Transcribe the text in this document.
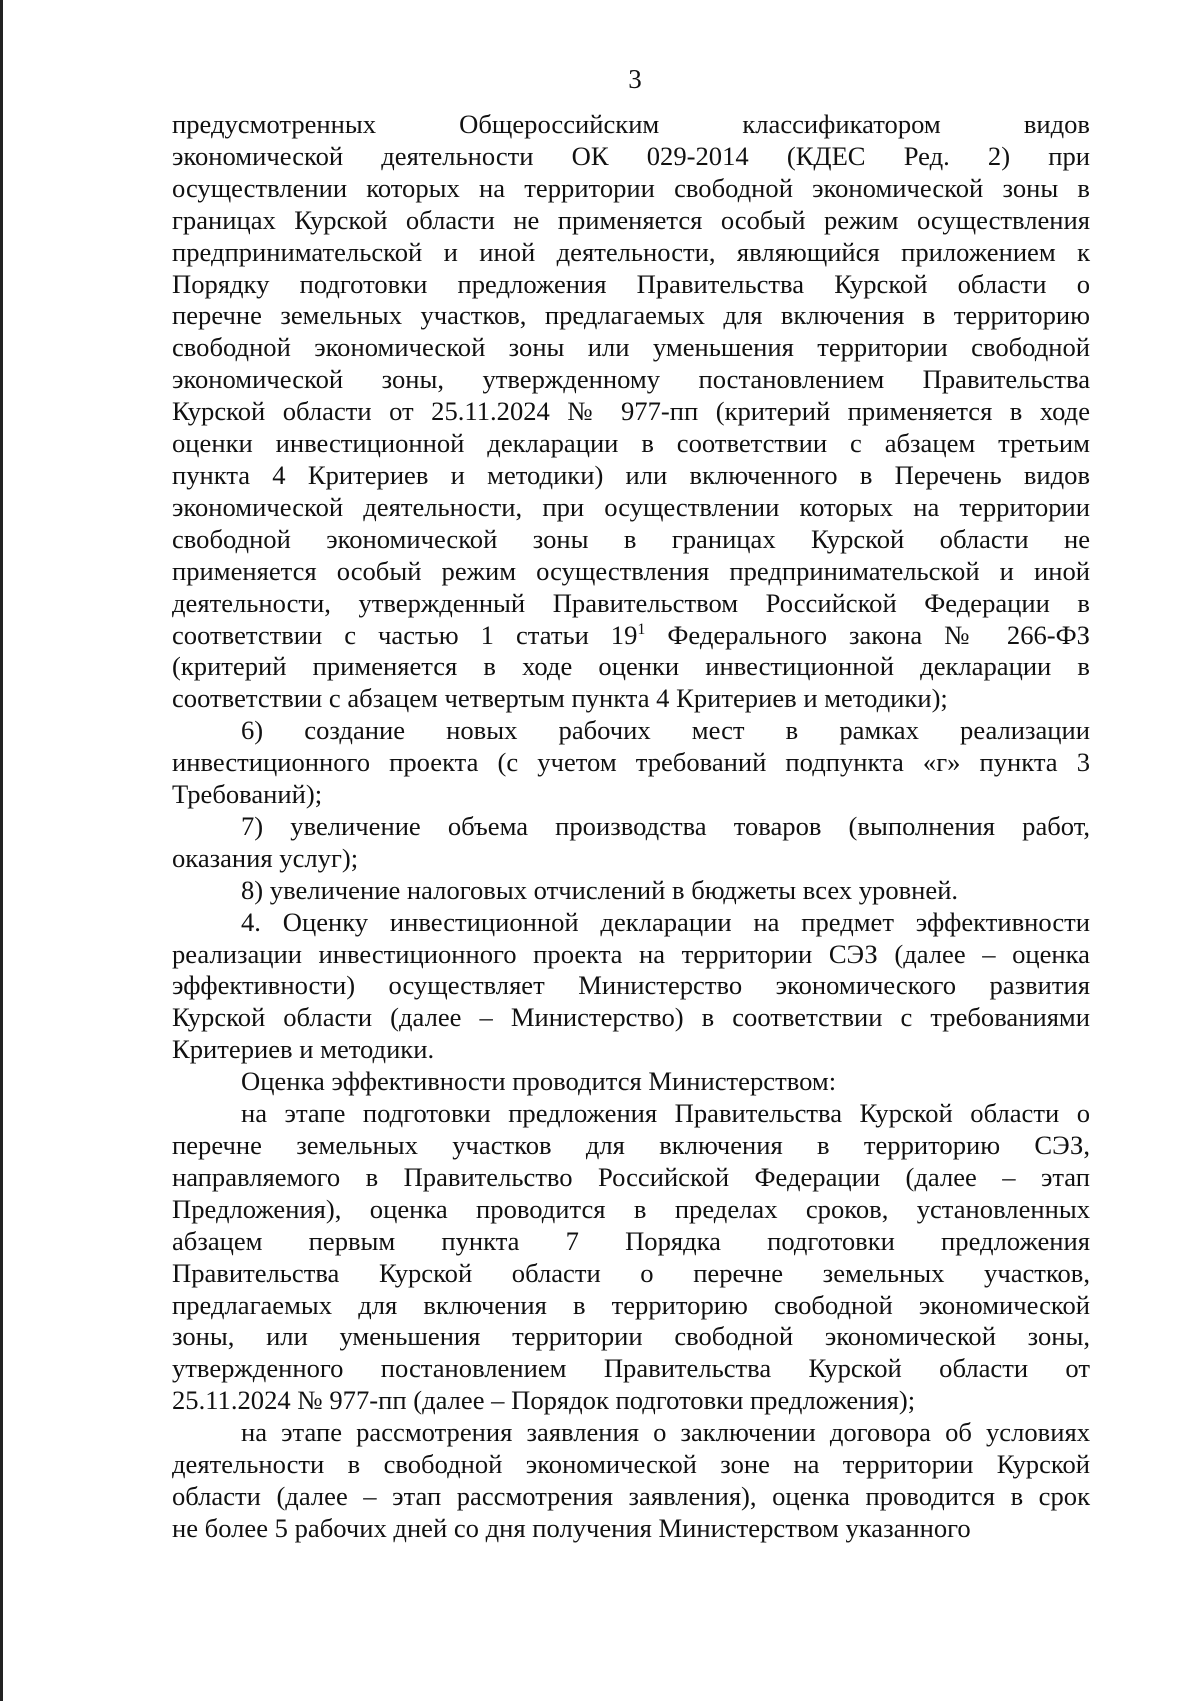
3

предусмотренных Общероссийским классификатором видов
экономической деятельности ОК 029-2014 (КДЕС Ред. 2) при
осуществлении которых на территории свободной экономической зоны в
границах Курской области не применяется особый режим осуществления
предпринимательской и иной деятельности, являющийся приложением к
Порядку подготовки предложения Правительства Курской области о
перечне земельных участков, предлагаемых для включения в территорию
свободной экономической зоны или уменьшения территории свободной
экономической зоны, утвержденному постановлением Правительства
Курской области от 25.11.2024 № 977-пп (критерий применяется в ходе
оценки инвестиционной декларации в соответствии с абзацем третьим
пункта 4 Критериев и методики) или включенного в Перечень видов
экономической деятельности, при осуществлении которых на территории
свободной экономической зоны в границах Курской области не
применяется особый режим осуществления предпринимательской и иной
деятельности, утвержденный Правительством Российской Федерации в
соответствии с частью 1 статьи $19^1$ Федерального закона № 266-ФЗ
(критерий применяется в ходе оценки инвестиционной декларации в
соответствии с абзацем четвертым пункта 4 Критериев и методики);

6) создание новых рабочих мест в рамках реализации
инвестиционного проекта (с учетом требований подпункта «г» пункта 3
Требований);

7) увеличение объема производства товаров (выполнения работ,
оказания услуг);

8) увеличение налоговых отчислений в бюджеты всех уровней.

4. Оценку инвестиционной декларации на предмет эффективности
реализации инвестиционного проекта на территории СЭЗ (далее – оценка
эффективности) осуществляет Министерство экономического развития
Курской области (далее – Министерство) в соответствии с требованиями
Критериев и методики.

Оценка эффективности проводится Министерством:

на этапе подготовки предложения Правительства Курской области о
перечне земельных участков для включения в территорию СЭЗ,
направляемого в Правительство Российской Федерации (далее – этап
Предложения), оценка проводится в пределах сроков, установленных
абзацем первым пункта 7 Порядка подготовки предложения
Правительства Курской области о перечне земельных участков,
предлагаемых для включения в территорию свободной экономической
зоны, или уменьшения территории свободной экономической зоны,
утвержденного постановлением Правительства Курской области от
25.11.2024 № 977-пп (далее – Порядок подготовки предложения);

на этапе рассмотрения заявления о заключении договора об условиях
деятельности в свободной экономической зоне на территории Курской
области (далее – этап рассмотрения заявления), оценка проводится в срок
не более 5 рабочих дней со дня получения Министерством указанного
